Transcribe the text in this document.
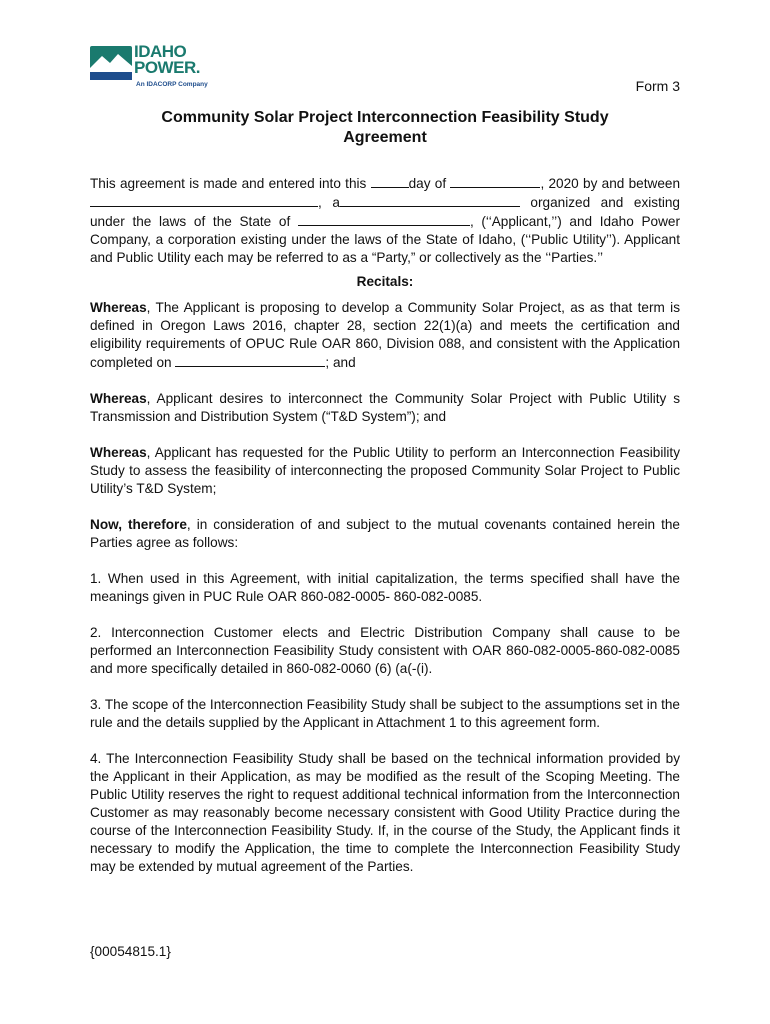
IDAHO
POWER.
An IDACORP Company	Form 3
Community Solar Project Interconnection Feasibility Study
Agreement

This agreement is made and entered into this	day of	, 2020 by and between , a	organized and existing under the laws of the State of	, (‘‘Applicant,’’) and Idaho Power Company, a corporation existing under the laws of the State of Idaho, (‘‘Public Utility’’). Applicant and Public Utility each may be referred to as a “Party,” or collectively as the ‘‘Parties.’’

Recitals:

Whereas, The Applicant is proposing to develop a Community Solar Project, as as that term is defined in Oregon Laws 2016, chapter 28, section 22(1)(a) and meets the certification and eligibility requirements of OPUC Rule OAR 860, Division 088, and consistent with the Application completed on	; and

Whereas, Applicant desires to interconnect the Community Solar Project with Public Utility s Transmission and Distribution System (“T&D System”); and

Whereas, Applicant has requested for the Public Utility to perform an Interconnection Feasibility Study to assess the feasibility of interconnecting the proposed Community Solar Project to Public Utility’s T&D System;

Now, therefore, in consideration of and subject to the mutual covenants contained herein the Parties agree as follows:

1. When used in this Agreement, with initial capitalization, the terms specified shall have the meanings given in PUC Rule OAR 860-082-0005- 860-082-0085.

2. Interconnection Customer elects and Electric Distribution Company shall cause to be performed an Interconnection Feasibility Study consistent with OAR 860-082-0005-860-082-0085 and more specifically detailed in 860-082-0060 (6) (a(-(i).

3. The scope of the Interconnection Feasibility Study shall be subject to the assumptions set in the rule and the details supplied by the Applicant in Attachment 1 to this agreement form.

4. The Interconnection Feasibility Study shall be based on the technical information provided by the Applicant in their Application, as may be modified as the result of the Scoping Meeting. The Public Utility reserves the right to request additional technical information from the Interconnection Customer as may reasonably become necessary consistent with Good Utility Practice during the course of the Interconnection Feasibility Study. If, in the course of the Study, the Applicant finds it necessary to modify the Application, the time to complete the Interconnection Feasibility Study may be extended by mutual agreement of the Parties.

{00054815.1}
